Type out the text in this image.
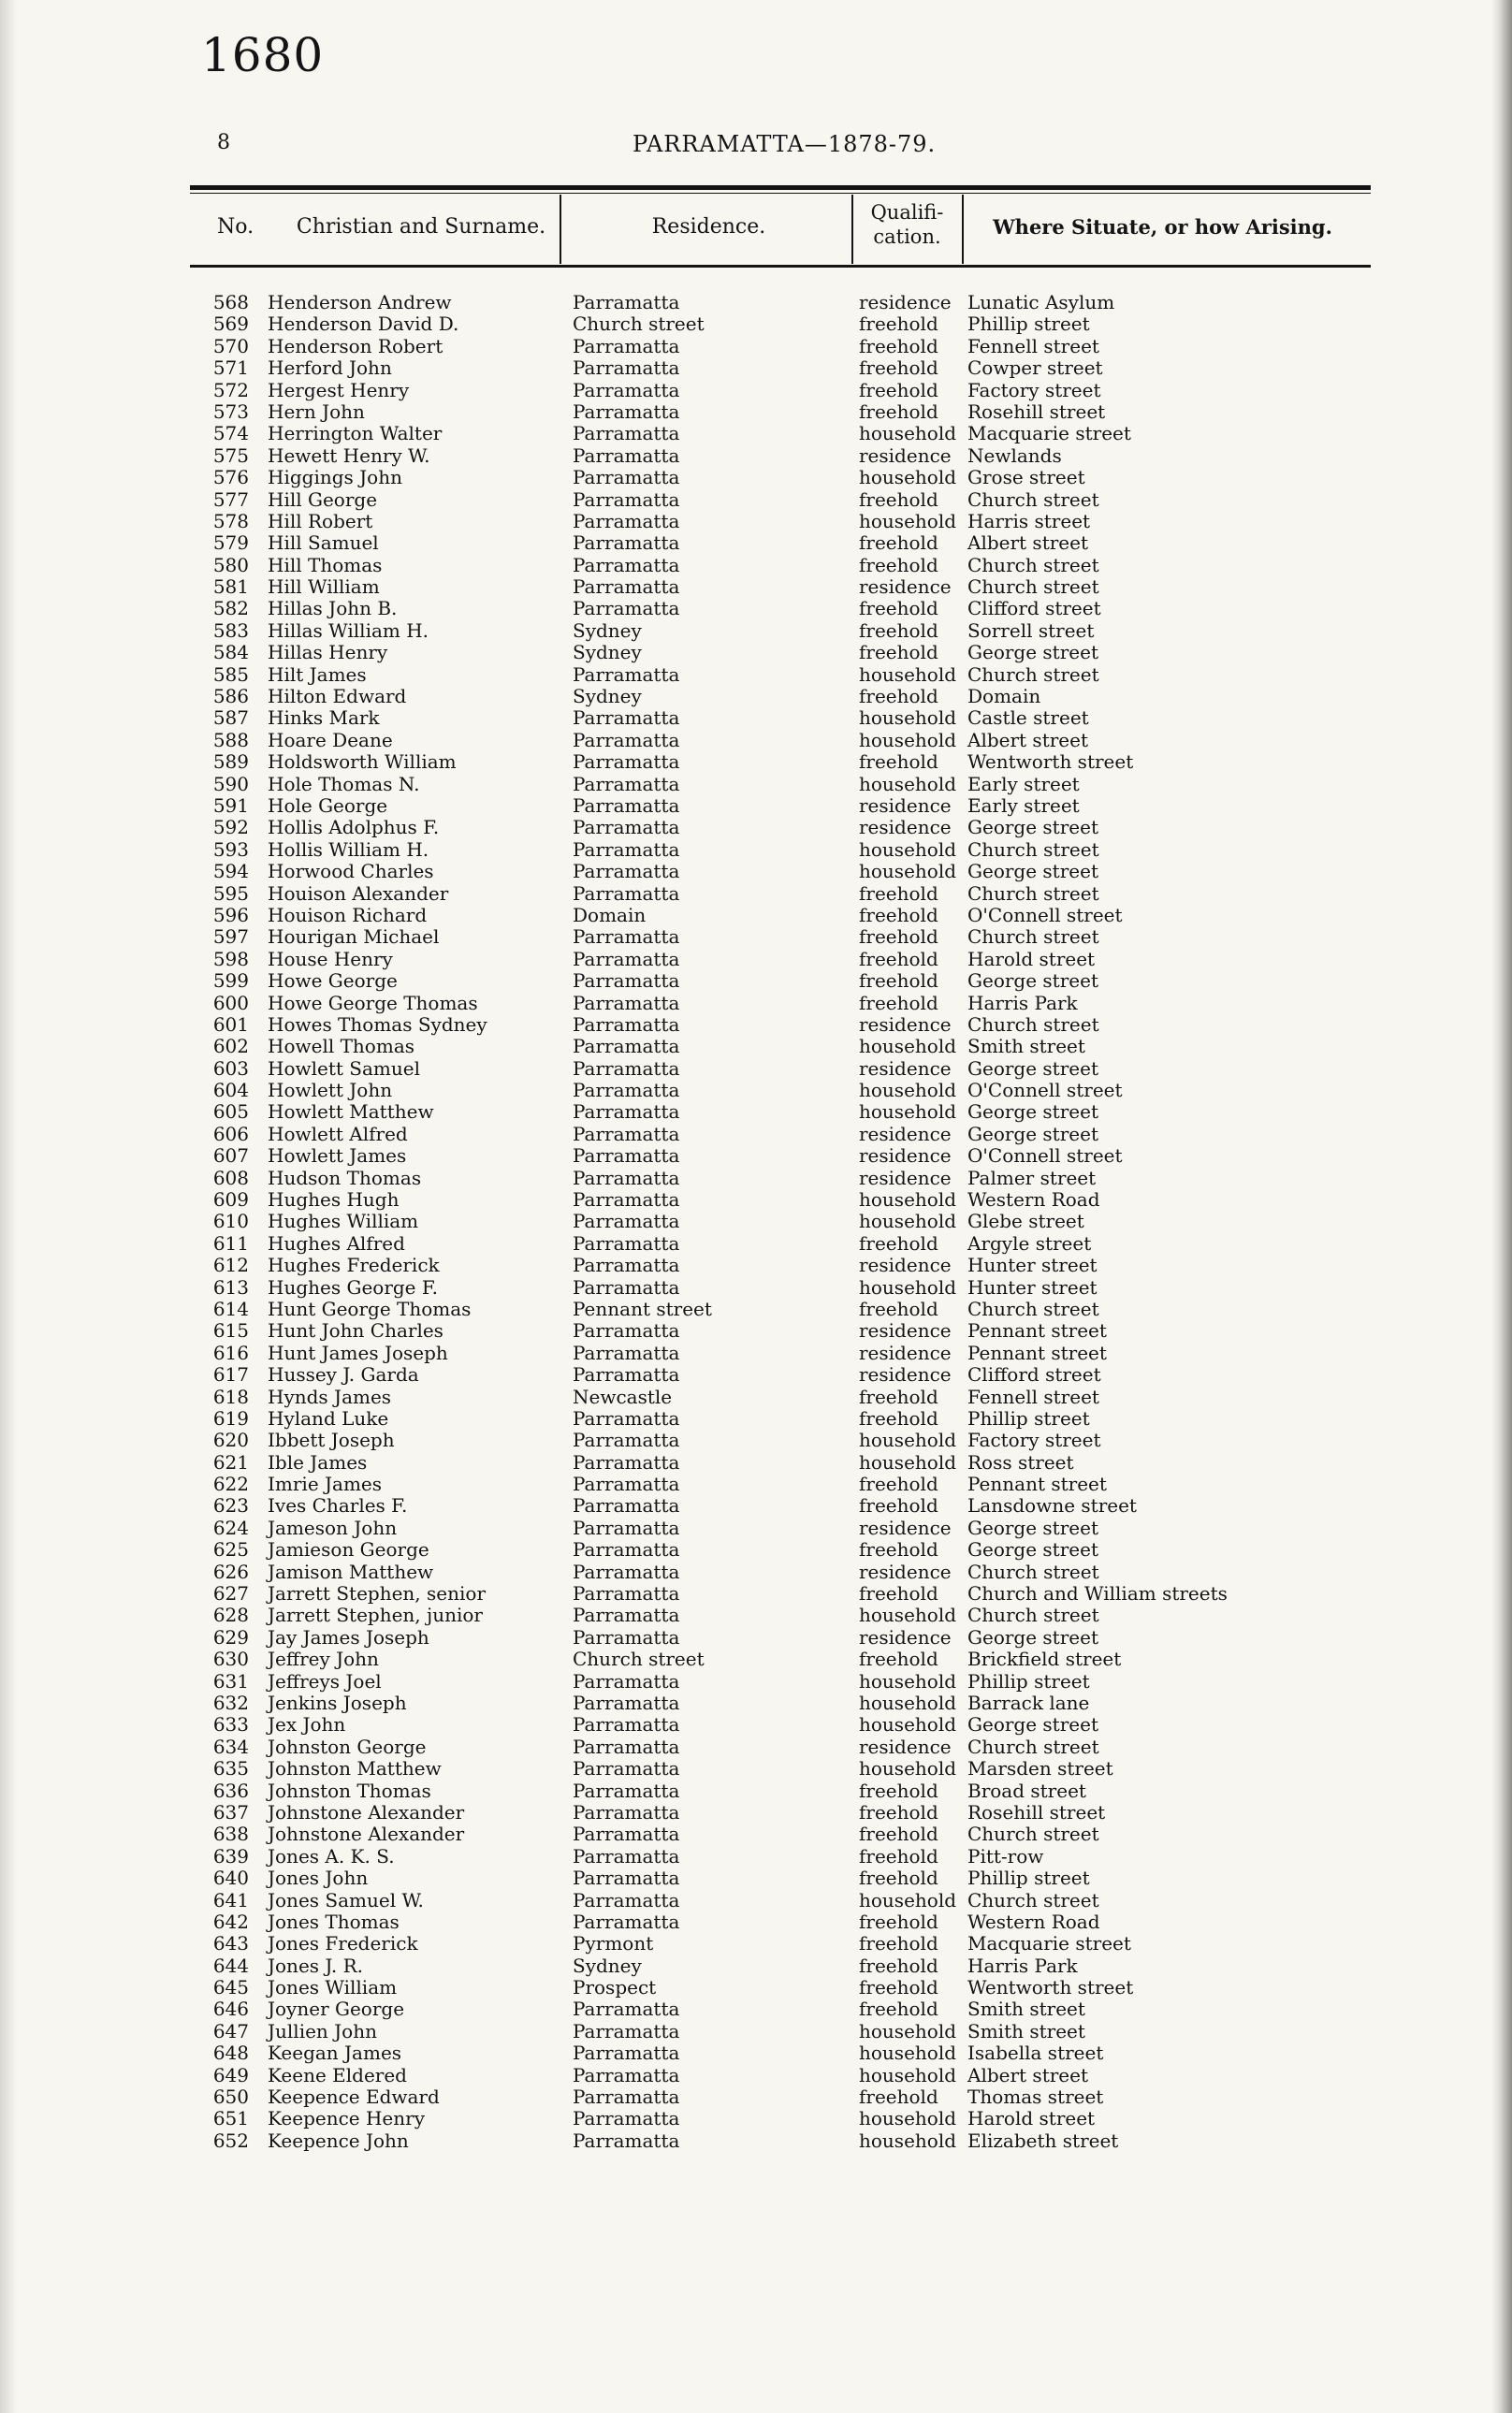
1680
8	PARRAMATTA—1878-79.
No.	Christian and Surname.	Residence.
Qualifi-
cation.	Where Situate, or how Arising.
568 Henderson Andrew	Parramatta	residence Lunatic Asylum
569 Henderson David D.	Church street	freehold Phillip street
570 Henderson Robert	Parramatta	freehold Fennell street
571 Herford John	Parramatta	freehold Cowper street
572 Hergest Henry	Parramatta	freehold Factory street
573 Hern John	Parramatta	freehold Rosehill street
574 Herrington Walter	Parramatta	household Macquarie street
575 Hewett Henry W.	Parramatta	residence Newlands
576 Higgings John	Parramatta	household Grose street
577 Hill George	Parramatta	freehold Church street
578 Hill Robert	Parramatta	household Harris street
579 Hill Samuel	Parramatta	freehold Albert street
580 Hill Thomas	Parramatta	freehold Church street
581 Hill William	Parramatta	residence Church street
582 Hillas John B.	Parramatta	freehold Clifford street
583 Hillas William H.	Sydney	freehold Sorrell street
584 Hillas Henry	Sydney	freehold George street
585 Hilt James	Parramatta	household Church street
586 Hilton Edward	Sydney	freehold Domain
587 Hinks Mark	Parramatta	household Castle street
588 Hoare Deane	Parramatta	household Albert street
589 Holdsworth William	Parramatta	freehold Wentworth street
590 Hole Thomas N.	Parramatta	household Early street
591 Hole George	Parramatta	residence Early street
592 Hollis Adolphus F.	Parramatta	residence George street
593 Hollis William H.	Parramatta	household Church street
594 Horwood Charles	Parramatta	household George street
595 Houison Alexander	Parramatta	freehold Church street
596 Houison Richard	Domain	freehold O'Connell street
597 Hourigan Michael	Parramatta	freehold Church street
598 House Henry	Parramatta	freehold Harold street
599 Howe George	Parramatta	freehold George street
600 Howe George Thomas	Parramatta	freehold Harris Park
601 Howes Thomas Sydney	Parramatta	residence Church street
602 Howell Thomas	Parramatta	household Smith street
603 Howlett Samuel	Parramatta	residence George street
604 Howlett John	Parramatta	household O'Connell street
605 Howlett Matthew	Parramatta	household George street
606 Howlett Alfred	Parramatta	residence George street
607 Howlett James	Parramatta	residence O'Connell street
608 Hudson Thomas	Parramatta	residence Palmer street
609 Hughes Hugh	Parramatta	household Western Road
610 Hughes William	Parramatta	household Glebe street
611 Hughes Alfred	Parramatta	freehold Argyle street
612 Hughes Frederick	Parramatta	residence Hunter street
613 Hughes George F.	Parramatta	household Hunter street
614 Hunt George Thomas	Pennant street	freehold Church street
615 Hunt John Charles	Parramatta	residence Pennant street
616 Hunt James Joseph	Parramatta	residence Pennant street
617 Hussey J. Garda	Parramatta	residence Clifford street
618 Hynds James	Newcastle	freehold Fennell street
619 Hyland Luke	Parramatta	freehold Phillip street
620 Ibbett Joseph	Parramatta	household Factory street
621 Ible James	Parramatta	household Ross street
622 Imrie James	Parramatta	freehold Pennant street
623 Ives Charles F.	Parramatta	freehold Lansdowne street
624 Jameson John	Parramatta	residence George street
625 Jamieson George	Parramatta	freehold George street
626 Jamison Matthew	Parramatta	residence Church street
627 Jarrett Stephen, senior	Parramatta	freehold Church and William streets
628 Jarrett Stephen, junior	Parramatta	household Church street
629 Jay James Joseph	Parramatta	residence George street
630 Jeffrey John	Church street	freehold Brickfield street
631 Jeffreys Joel	Parramatta	household Phillip street
632 Jenkins Joseph	Parramatta	household Barrack lane
633 Jex John	Parramatta	household George street
634 Johnston George	Parramatta	residence Church street
635 Johnston Matthew	Parramatta	household Marsden street
636 Johnston Thomas	Parramatta	freehold Broad street
637 Johnstone Alexander	Parramatta	freehold Rosehill street
638 Johnstone Alexander	Parramatta	freehold Church street
639 Jones A. K. S.	Parramatta	freehold Pitt-row
640 Jones John	Parramatta	freehold Phillip street
641 Jones Samuel W.	Parramatta	household Church street
642 Jones Thomas	Parramatta	freehold Western Road
643 Jones Frederick	Pyrmont	freehold Macquarie street
644 Jones J. R.	Sydney	freehold Harris Park
645 Jones William	Prospect	freehold Wentworth street
646 Joyner George	Parramatta	freehold Smith street
647 Jullien John	Parramatta	household Smith street
648 Keegan James	Parramatta	household Isabella street
649 Keene Eldered	Parramatta	household Albert street
650 Keepence Edward	Parramatta	freehold Thomas street
651 Keepence Henry	Parramatta	household Harold street
652 Keepence John	Parramatta	household Elizabeth street
